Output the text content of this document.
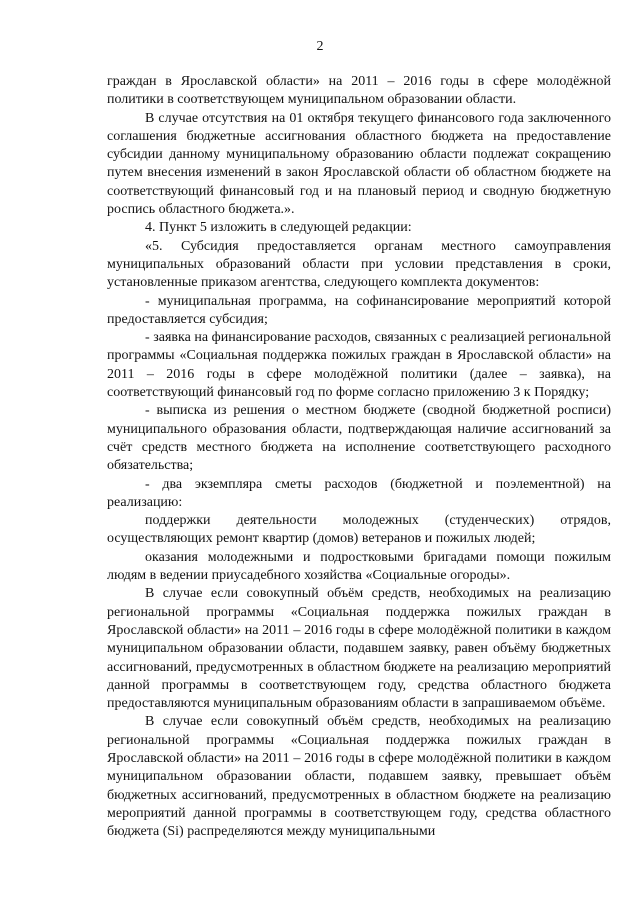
2

граждан в Ярославской области» на 2011 – 2016 годы в сфере молодёжной политики в соответствующем муниципальном образовании области.

В случае отсутствия на 01 октября текущего финансового года заключенного соглашения бюджетные ассигнования областного бюджета на предоставление субсидии данному муниципальному образованию области подлежат сокращению путем внесения изменений в закон Ярославской области об областном бюджете на соответствующий финансовый год и на плановый период и сводную бюджетную роспись областного бюджета.».

4. Пункт 5 изложить в следующей редакции:

«5. Субсидия предоставляется органам местного самоуправления муниципальных образований области при условии представления в сроки, установленные приказом агентства, следующего комплекта документов:

- муниципальная программа, на софинансирование мероприятий которой предоставляется субсидия;

- заявка на финансирование расходов, связанных с реализацией региональной программы «Социальная поддержка пожилых граждан в Ярославской области» на 2011 – 2016 годы в сфере молодёжной политики (далее – заявка), на соответствующий финансовый год по форме согласно приложению 3 к Порядку;

- выписка из решения о местном бюджете (сводной бюджетной росписи) муниципального образования области, подтверждающая наличие ассигнований за счёт средств местного бюджета на исполнение соответствующего расходного обязательства;

- два экземпляра сметы расходов (бюджетной и поэлементной) на реализацию:

поддержки деятельности молодежных (студенческих) отрядов, осуществляющих ремонт квартир (домов) ветеранов и пожилых людей;

оказания молодежными и подростковыми бригадами помощи пожилым людям в ведении приусадебного хозяйства «Социальные огороды».

В случае если совокупный объём средств, необходимых на реализацию региональной программы «Социальная поддержка пожилых граждан в Ярославской области» на 2011 – 2016 годы в сфере молодёжной политики в каждом муниципальном образовании области, подавшем заявку, равен объёму бюджетных ассигнований, предусмотренных в областном бюджете на реализацию мероприятий данной программы в соответствующем году, средства областного бюджета предоставляются муниципальным образованиям области в запрашиваемом объёме.

В случае если совокупный объём средств, необходимых на реализацию региональной программы «Социальная поддержка пожилых граждан в Ярославской области» на 2011 – 2016 годы в сфере молодёжной политики в каждом муниципальном образовании области, подавшем заявку, превышает объём бюджетных ассигнований, предусмотренных в областном бюджете на реализацию мероприятий данной программы в соответствующем году, средства областного бюджета (Si) распределяются между муниципальными
